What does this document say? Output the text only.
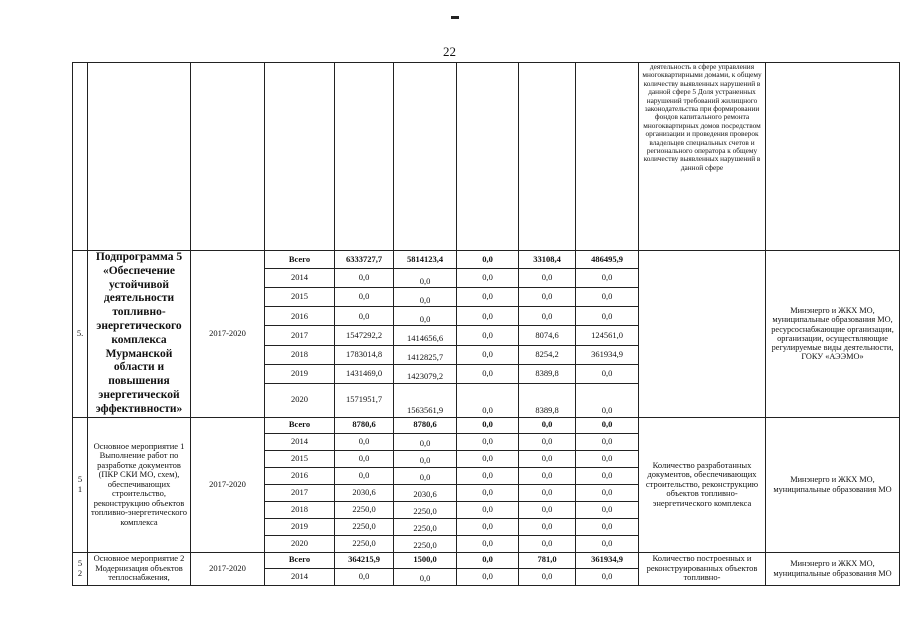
22
									деятельность в сфере управления многоквартирными домами, к общему количеству выявленных нарушений в данной сфере 5 Доля устраненных нарушений требований жилищного законодательства при формировании фондов капитального ремонта многоквартирных домов посредством организации и проведения проверок владельцев специальных счетов и регионального оператора к общему количеству выявленных нарушений в данной сфере	
5.	Подпрограмма 5 «Обеспечение устойчивой деятельности топливно-энергетического комплекса Мурманской области и повышения энергетической эффективности»	2017-2020	Всего	6333727,7	5814123,4	0,0	33108,4	486495,9		Минэнерго и ЖКХ МО, муниципальные образования МО, ресурсоснабжающие организации, организации, осуществляющие регулируемые виды деятельности, ГОКУ «АЭЭМО»
			2014	0,0	0,0	0,0	0,0	0,0		
			2015	0,0	0,0	0,0	0,0	0,0		
			2016	0,0	0,0	0,0	0,0	0,0		
			2017	1547292,2	1414656,6	0,0	8074,6	124561,0		
			2018	1783014,8	1412825,7	0,0	8254,2	361934,9		
			2019	1431469,0	1423079,2	0,0	8389,8	0,0		
			2020	1571951,7	1563561,9	0,0	8389,8	0,0		
5 1	Основное мероприятие 1 Выполнение работ по разработке документов (ПКР СКИ МО, схем), обеспечивающих строительство, реконструкцию объектов топливно-энергетического комплекса	2017-2020	Всего	8780,6	8780,6	0,0	0,0	0,0	Количество разработанных документов, обеспечивающих строительство, реконструкцию объектов топливно-энергетического комплекса	Минэнерго и ЖКХ МО, муниципальные образования МО
			2014	0,0	0,0	0,0	0,0	0,0		
			2015	0,0	0,0	0,0	0,0	0,0		
			2016	0,0	0,0	0,0	0,0	0,0		
			2017	2030,6	2030,6	0,0	0,0	0,0		
			2018	2250,0	2250,0	0,0	0,0	0,0		
			2019	2250,0	2250,0	0,0	0,0	0,0		
			2020	2250,0	2250,0	0,0	0,0	0,0		
5 2	Основное мероприятие 2 Модернизация объектов теплоснабжения,	2017-2020	Всего	364215,9	1500,0	0,0	781,0	361934,9	Количество построенных и реконструированных объектов топливно-	Минэнерго и ЖКХ МО, муниципальные образования МО
			2014	0,0	0,0	0,0	0,0	0,0		
